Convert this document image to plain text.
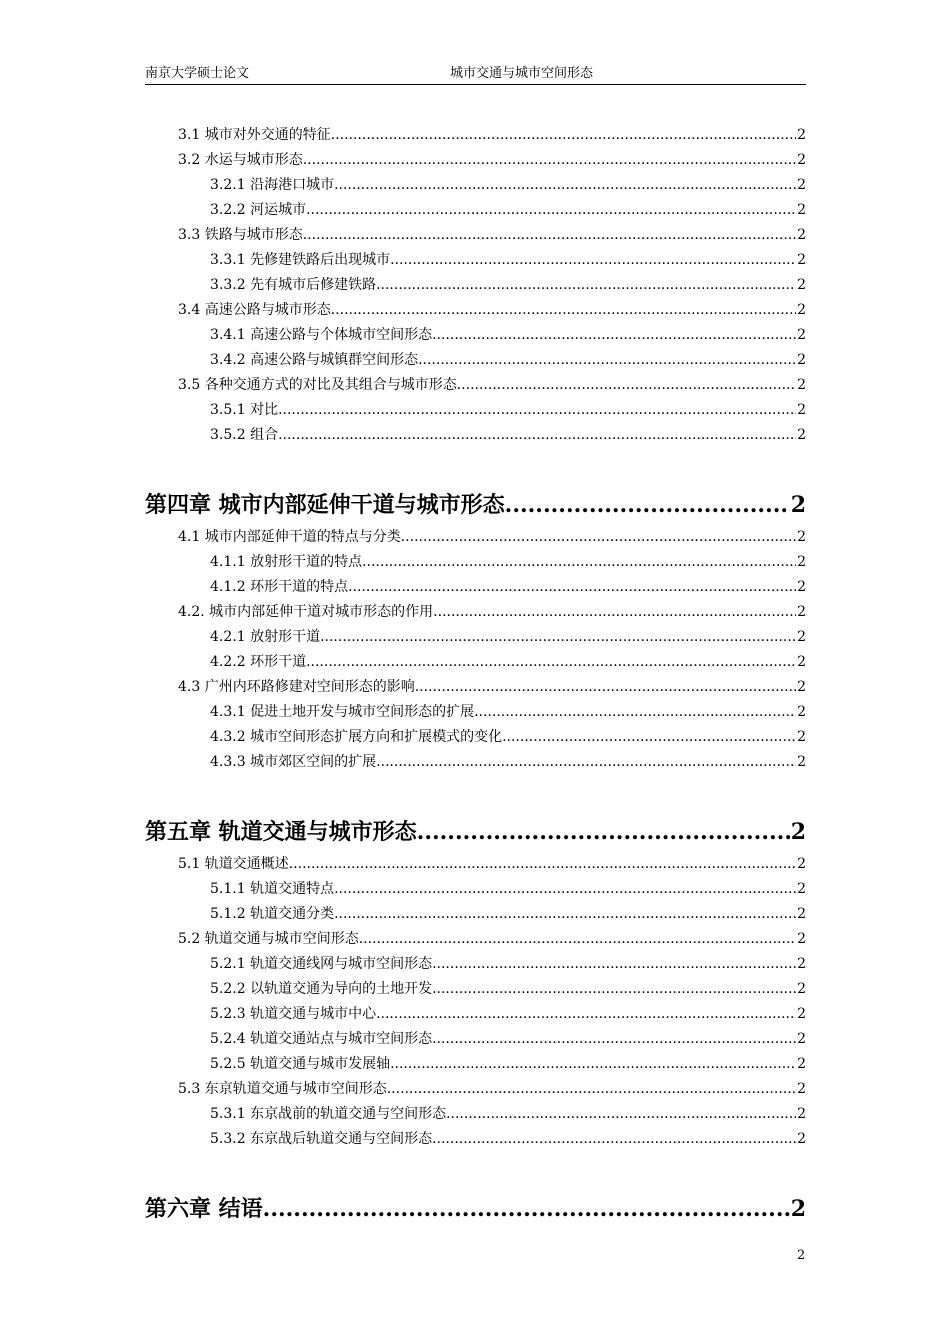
南京大学硕士论文	城市交通与城市空间形态
3.1 城市对外交通的特征 .....	2
3.2 水运与城市形态 .....	2
3.2.1 沿海港口城市 .....	2
3.2.2 河运城市 .....	2
3.3 铁路与城市形态 .....	2
3.3.1 先修建铁路后出现城市 .....	2
3.3.2 先有城市后修建铁路 .....	2
3.4 高速公路与城市形态 .....	2
3.4.1 高速公路与个体城市空间形态 .....	2
3.4.2 高速公路与城镇群空间形态 .....	2
3.5 各种交通方式的对比及其组合与城市形态 .....	2
3.5.1 对比 .....	2
3.5.2 组合 .....	2
第四章 城市内部延伸干道与城市形态 .....	2
4.1 城市内部延伸干道的特点与分类 .....	2
4.1.1 放射形干道的特点 .....	2
4.1.2 环形干道的特点 .....	2
4.2. 城市内部延伸干道对城市形态的作用 .....	2
4.2.1 放射形干道 .....	2
4.2.2 环形干道 .....	2
4.3 广州内环路修建对空间形态的影响 .....	2
4.3.1 促进土地开发与城市空间形态的扩展 .....	2
4.3.2 城市空间形态扩展方向和扩展模式的变化 .....	2
4.3.3 城市郊区空间的扩展 .....	2
第五章 轨道交通与城市形态 .....	2
5.1 轨道交通概述 .....	2
5.1.1 轨道交通特点 .....	2
5.1.2 轨道交通分类 .....	2
5.2 轨道交通与城市空间形态 .....	2
5.2.1 轨道交通线网与城市空间形态 .....	2
5.2.2 以轨道交通为导向的土地开发 .....	2
5.2.3 轨道交通与城市中心 .....	2
5.2.4 轨道交通站点与城市空间形态 .....	2
5.2.5 轨道交通与城市发展轴 .....	2
5.3 东京轨道交通与城市空间形态 .....	2
5.3.1 东京战前的轨道交通与空间形态 .....	2
5.3.2 东京战后轨道交通与空间形态 .....	2
第六章 结语 .....	2
2
